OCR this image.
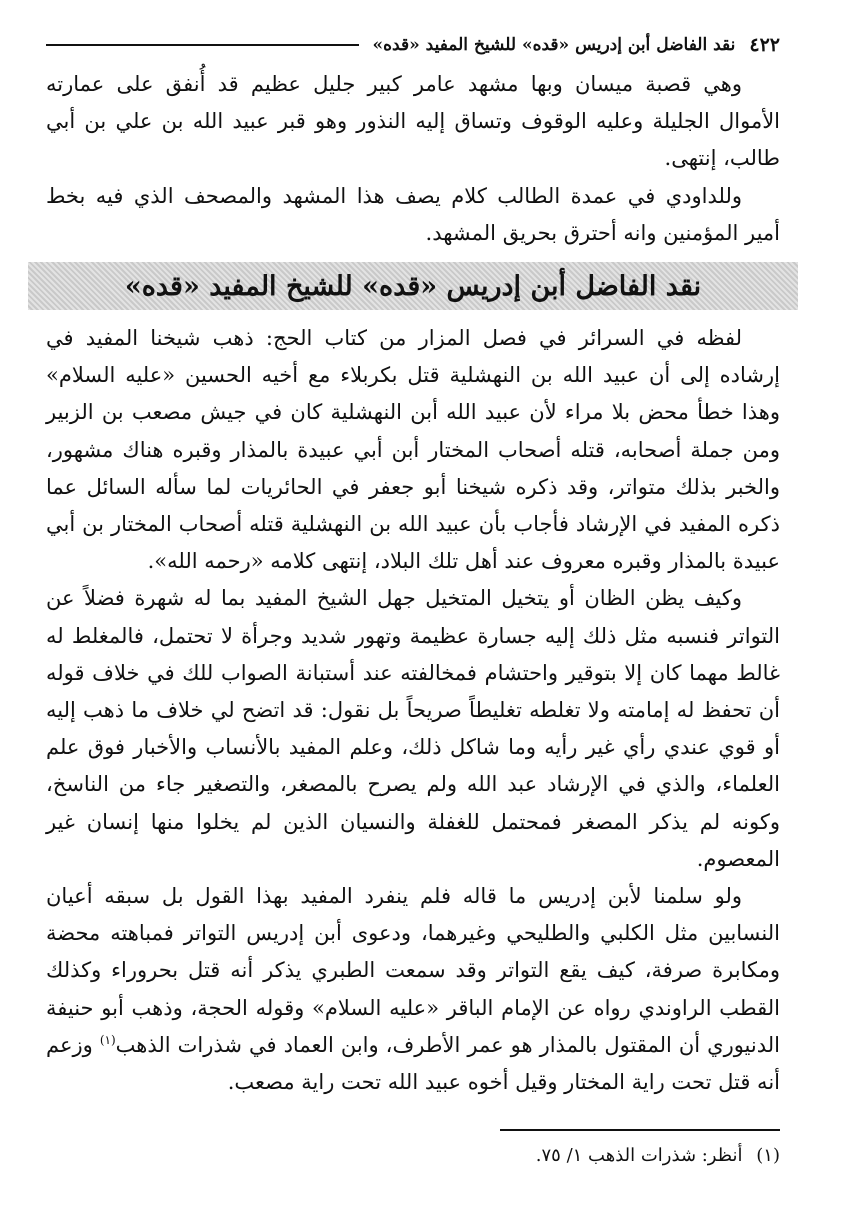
٤٢٢
نقد الفاضل أبن إدريس «قده» للشيخ المفيد «قده»

وهي قصبة ميسان وبها مشهد عامر كبير جليل عظيم قد أُنفق على عمارته الأموال الجليلة وعليه الوقوف وتساق إليه النذور وهو قبر عبيد الله بن علي بن أبي طالب، إنتهى.

وللداودي في عمدة الطالب كلام يصف هذا المشهد والمصحف الذي فيه بخط أمير المؤمنين وانه أحترق بحريق المشهد.

نقد الفاضل أبن إدريس «قده» للشيخ المفيد «قده»

لفظه في السرائر في فصل المزار من كتاب الحج: ذهب شيخنا المفيد في إرشاده إلى أن عبيد الله بن النهشلية قتل بكربلاء مع أخيه الحسين «عليه السلام» وهذا خطأ محض بلا مراء لأن عبيد الله أبن النهشلية كان في جيش مصعب بن الزبير ومن جملة أصحابه، قتله أصحاب المختار أبن أبي عبيدة بالمذار وقبره هناك مشهور، والخبر بذلك متواتر، وقد ذكره شيخنا أبو جعفر في الحائريات لما سأله السائل عما ذكره المفيد في الإرشاد فأجاب بأن عبيد الله بن النهشلية قتله أصحاب المختار بن أبي عبيدة بالمذار وقبره معروف عند أهل تلك البلاد، إنتهى كلامه «رحمه الله».

وكيف يظن الظان أو يتخيل المتخيل جهل الشيخ المفيد بما له شهرة فضلاً عن التواتر فنسبه مثل ذلك إليه جسارة عظيمة وتهور شديد وجرأة لا تحتمل، فالمغلط له غالط مهما كان إلا بتوقير واحتشام فمخالفته عند أستبانة الصواب للك في خلاف قوله أن تحفظ له إمامته ولا تغلطه تغليطاً صريحاً بل نقول: قد اتضح لي خلاف ما ذهب إليه أو قوي عندي رأي غير رأيه وما شاكل ذلك، وعلم المفيد بالأنساب والأخبار فوق علم العلماء، والذي في الإرشاد عبد الله ولم يصرح بالمصغر، والتصغير جاء من الناسخ، وكونه لم يذكر المصغر فمحتمل للغفلة والنسيان الذين لم يخلوا منها إنسان غير المعصوم.

ولو سلمنا لأبن إدريس ما قاله فلم ينفرد المفيد بهذا القول بل سبقه أعيان النسابين مثل الكلبي والطليحي وغيرهما، ودعوى أبن إدريس التواتر فمباهته محضة ومكابرة صرفة، كيف يقع التواتر وقد سمعت الطبري يذكر أنه قتل بحروراء وكذلك القطب الراوندي رواه عن الإمام الباقر «عليه السلام» وقوله الحجة، وذهب أبو حنيفة الدنيوري أن المقتول بالمذار هو عمر الأطرف، وابن العماد في شذرات الذهب$^{(١)}$ وزعم أنه قتل تحت راية المختار وقيل أخوه عبيد الله تحت راية مصعب.

(١) أنظر: شذرات الذهب ١/ ٧٥.
